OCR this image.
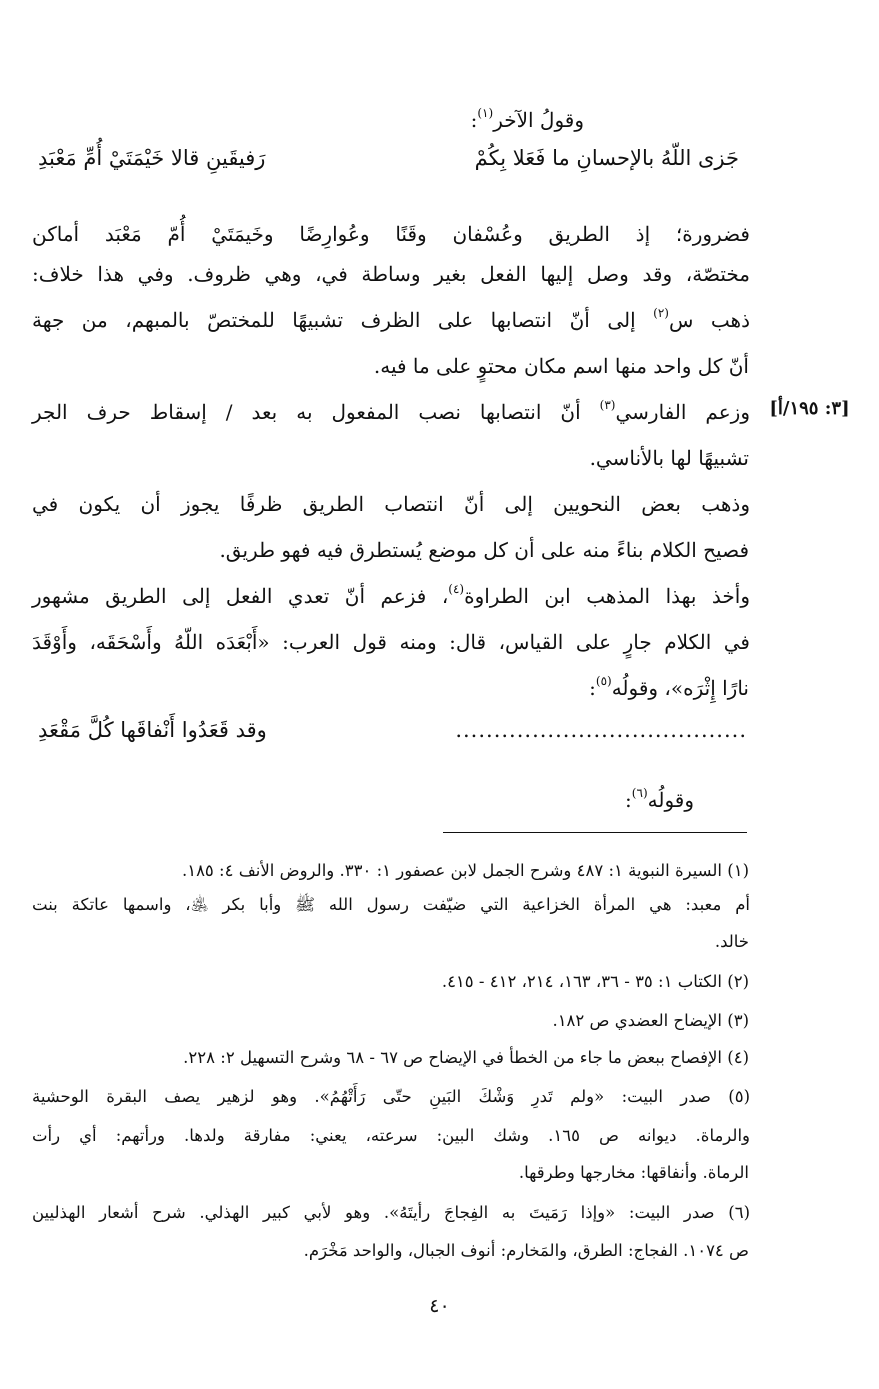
وقولُ الآخر$^{(١)}$:
جَزى اللّهُ بالإحسانِ ما فَعَلا بِكُمْ
رَفيقَينِ قالا خَيْمَتَيْ أُمِّ مَعْبَدِ
فضرورة؛ إذ الطريق وعُسْفان وقَنًا وعُوارِضًا وخَيمَتَيْ أُمّ مَعْبَد أماكن
مختصّة، وقد وصل إليها الفعل بغير وساطة في، وهي ظروف. وفي هذا خلاف:
ذهب س$^{(٢)}$ إلى أنّ انتصابها على الظرف تشبيهًا للمختصّ بالمبهم، من جهة
أنّ كل واحد منها اسم مكان محتوٍ على ما فيه.
وزعم الفارسي$^{(٣)}$ أنّ انتصابها نصب المفعول به بعد / إسقاط حرف الجر	[٣: ١٩٥/أ]
تشبيهًا لها بالأناسي.
وذهب بعض النحويين إلى أنّ انتصاب الطريق ظرفًا يجوز أن يكون في
فصيح الكلام بناءً منه على أن كل موضع يُستطرق فيه فهو طريق.
وأخذ بهذا المذهب ابن الطراوة$^{(٤)}$، فزعم أنّ تعدي الفعل إلى الطريق مشهور
في الكلام جارٍ على القياس، قال: ومنه قول العرب: «أَبْعَدَه اللّهُ وأَسْحَقَه، وأَوْقَدَ
نارًا إِثْرَه»، وقولُه$^{(٥)}$:
......................................
وقد قَعَدُوا أَنْفاقَها كُلَّ مَقْعَدِ
وقولُه$^{(٦)}$:
(١) السيرة النبوية ١: ٤٨٧ وشرح الجمل لابن عصفور ١: ٣٣٠. والروض الأنف ٤: ١٨٥.
أم معبد: هي المرأة الخزاعية التي ضيّفت رسول الله ﷺ وأبا بكر ﵁، واسمها عاتكة بنت
خالد.
(٢) الكتاب ١: ٣٥ - ٣٦، ١٦٣، ٢١٤، ٤١٢ - ٤١٥.
(٣) الإيضاح العضدي ص ١٨٢.
(٤) الإفصاح ببعض ما جاء من الخطأ في الإيضاح ص ٦٧ - ٦٨ وشرح التسهيل ٢: ٢٢٨.
(٥) صدر البيت: «ولم تَدرِ وَشْكَ البَينِ حتّى رَأَتْهُمُ». وهو لزهير يصف البقرة الوحشية
والرماة. ديوانه ص ١٦٥. وشك البين: سرعته، يعني: مفارقة ولدها. ورأتهم: أي رأت
الرماة. وأنفاقها: مخارجها وطرقها.
(٦) صدر البيت: «وإذا رَمَيتَ به الفِجاجَ رأيتَهُ». وهو لأبي كبير الهذلي. شرح أشعار الهذليين
ص ١٠٧٤. الفجاج: الطرق، والمَخارم: أنوف الجبال، والواحد مَخْرَم.
٤٠
